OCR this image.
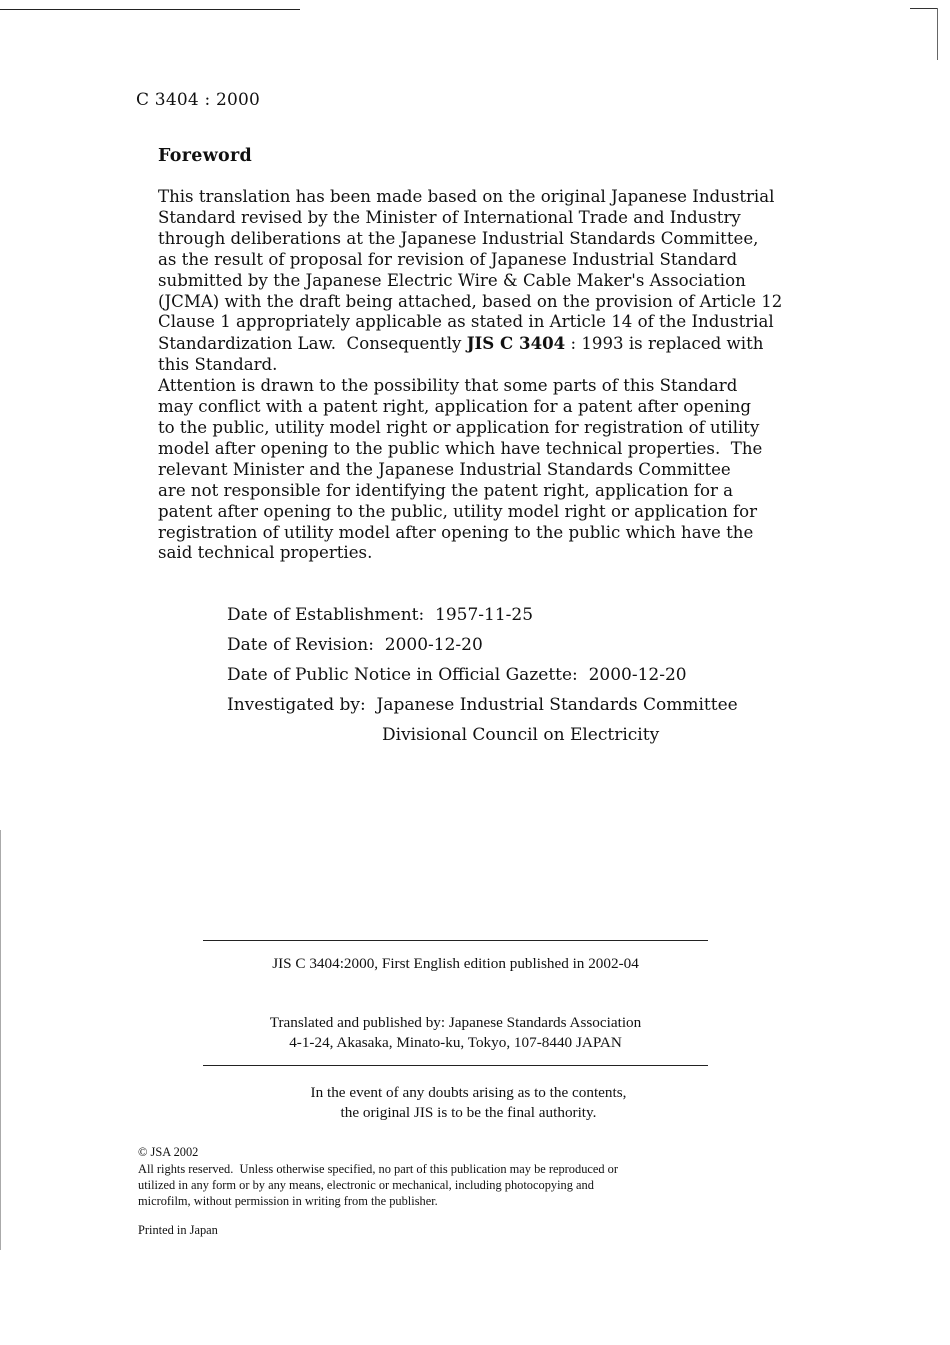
C 3404 : 2000
Foreword
This translation has been made based on the original Japanese Industrial
Standard revised by the Minister of International Trade and Industry
through deliberations at the Japanese Industrial Standards Committee,
as the result of proposal for revision of Japanese Industrial Standard
submitted by the Japanese Electric Wire & Cable Maker's Association
(JCMA) with the draft being attached, based on the provision of Article 12
Clause 1 appropriately applicable as stated in Article 14 of the Industrial
Standardization Law.  Consequently JIS C 3404 : 1993 is replaced with
this Standard.
Attention is drawn to the possibility that some parts of this Standard
may conflict with a patent right, application for a patent after opening
to the public, utility model right or application for registration of utility
model after opening to the public which have technical properties.  The
relevant Minister and the Japanese Industrial Standards Committee
are not responsible for identifying the patent right, application for a
patent after opening to the public, utility model right or application for
registration of utility model after opening to the public which have the
said technical properties.
Date of Establishment:  1957-11-25
Date of Revision:  2000-12-20
Date of Public Notice in Official Gazette:  2000-12-20
Investigated by:  Japanese Industrial Standards Committee
Divisional Council on Electricity
JIS C 3404:2000, First English edition published in 2002-04
Translated and published by: Japanese Standards Association
4-1-24, Akasaka, Minato-ku, Tokyo, 107-8440 JAPAN
In the event of any doubts arising as to the contents,
the original JIS is to be the final authority.
© JSA 2002
All rights reserved.  Unless otherwise specified, no part of this publication may be reproduced or
utilized in any form or by any means, electronic or mechanical, including photocopying and
microfilm, without permission in writing from the publisher.
Printed in Japan
